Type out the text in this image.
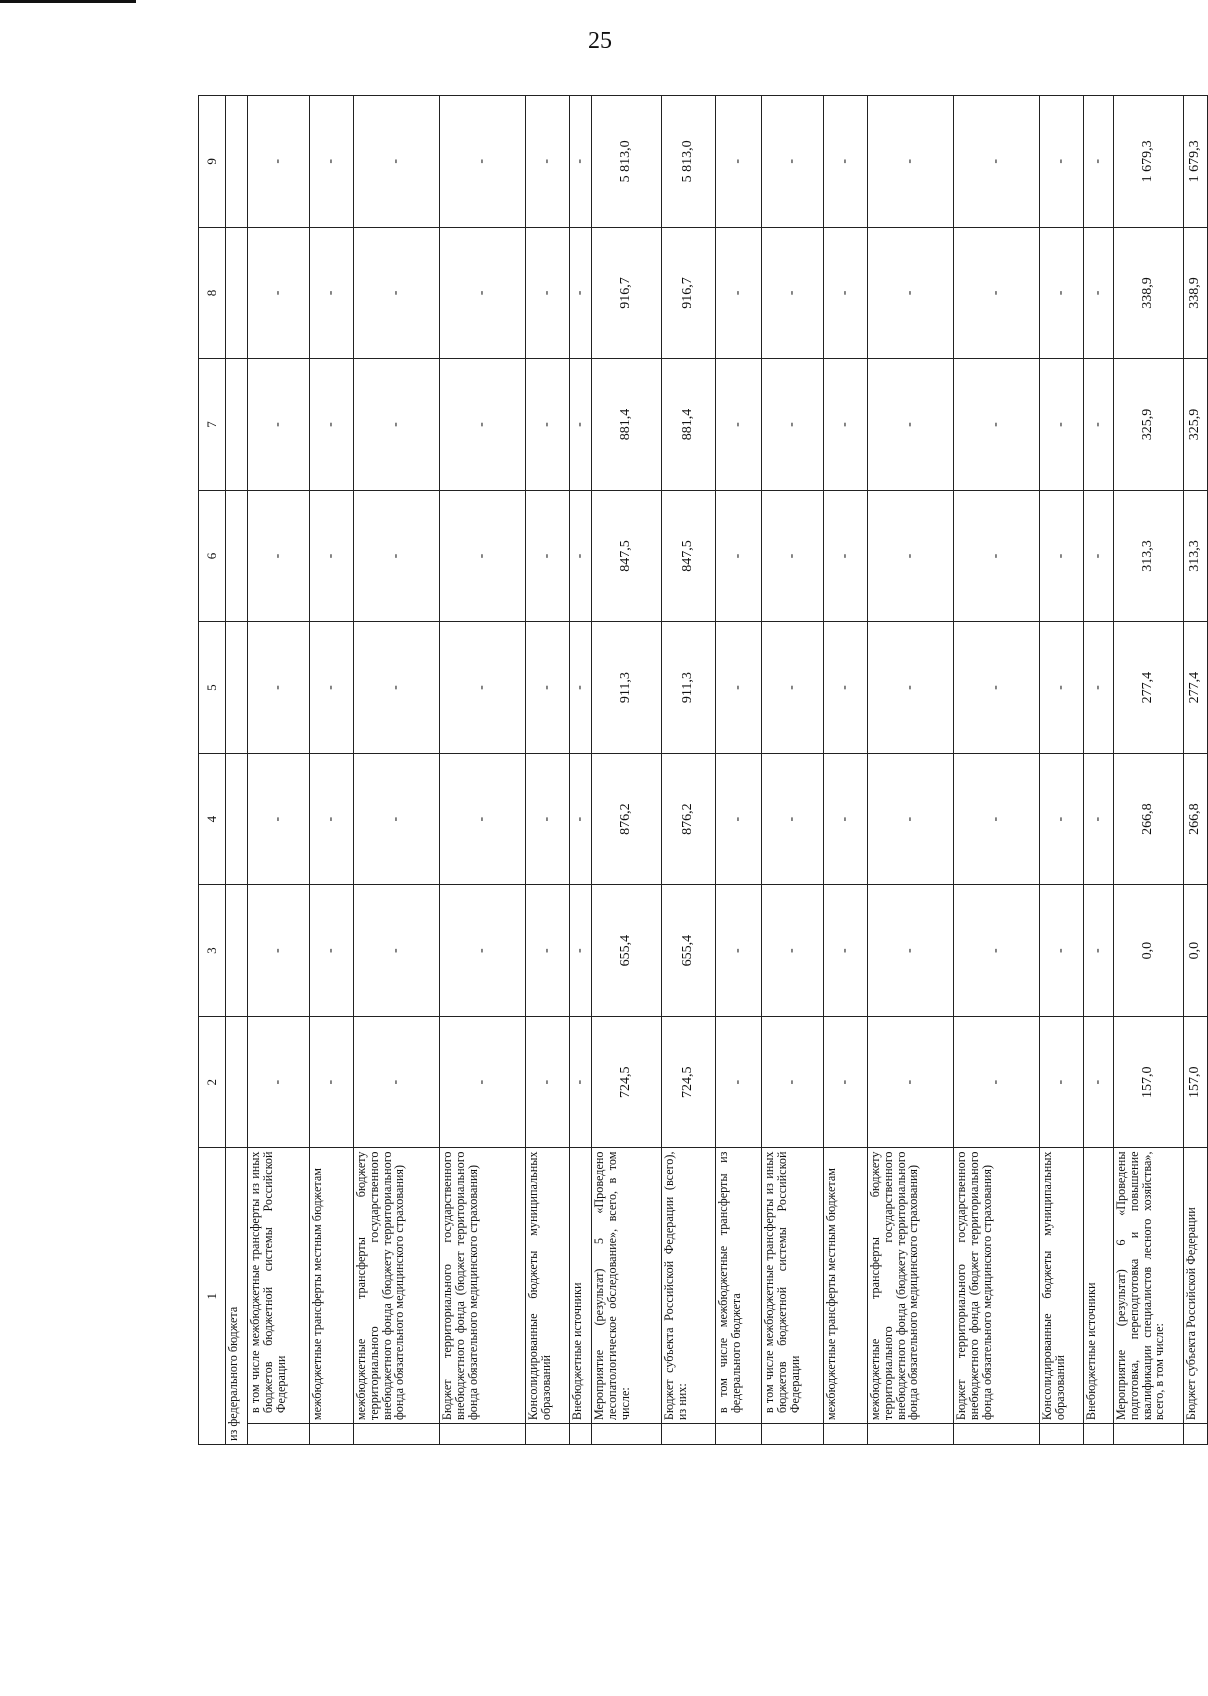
25
1		2	3	4	5	6	7	8	9
из федерального бюджета									
	в том числе межбюджетные трансферты из иных бюджетов бюджетной системы Российской Федерации	-	-	-	-	-	-	-	-
	межбюджетные трансферты местным бюджетам	-	-	-	-	-	-	-	-
	межбюджетные трансферты бюджету территориального государственного внебюджетного фонда (бюджету территориального фонда обязательного медицинского страхования)	-	-	-	-	-	-	-	-
	Бюджет территориального государственного внебюджетного фонда (бюджет территориального фонда обязательного медицинского страхования)	-	-	-	-	-	-	-	-
	Консолидированные бюджеты муниципальных образований	-	-	-	-	-	-	-	-
	Внебюджетные источники	-	-	-	-	-	-	-	-
	Мероприятие (результат) 5 «Проведено лесопатологическое обследование», всего, в том числе:	724,5	655,4	876,2	911,3	847,5	881,4	916,7	5 813,0
	Бюджет субъекта Российской Федерации (всего), из них:	724,5	655,4	876,2	911,3	847,5	881,4	916,7	5 813,0
	в том числе межбюджетные трансферты из федерального бюджета	-	-	-	-	-	-	-	-
	в том числе межбюджетные трансферты из иных бюджетов бюджетной системы Российской Федерации	-	-	-	-	-	-	-	-
	межбюджетные трансферты местным бюджетам	-	-	-	-	-	-	-	-
	межбюджетные трансферты бюджету территориального государственного внебюджетного фонда (бюджету территориального фонда обязательного медицинского страхования)	-	-	-	-	-	-	-	-
	Бюджет территориального государственного внебюджетного фонда (бюджет территориального фонда обязательного медицинского страхования)	-	-	-	-	-	-	-	-
	Консолидированные бюджеты муниципальных образований	-	-	-	-	-	-	-	-
	Внебюджетные источники	-	-	-	-	-	-	-	-
	Мероприятие (результат) 6 «Проведены подготовка, переподготовка и повышение квалификации специалистов лесного хозяйства», всего, в том числе:	157,0	0,0	266,8	277,4	313,3	325,9	338,9	1 679,3
	Бюджет субъекта Российской Федерации	157,0	0,0	266,8	277,4	313,3	325,9	338,9	1 679,3
